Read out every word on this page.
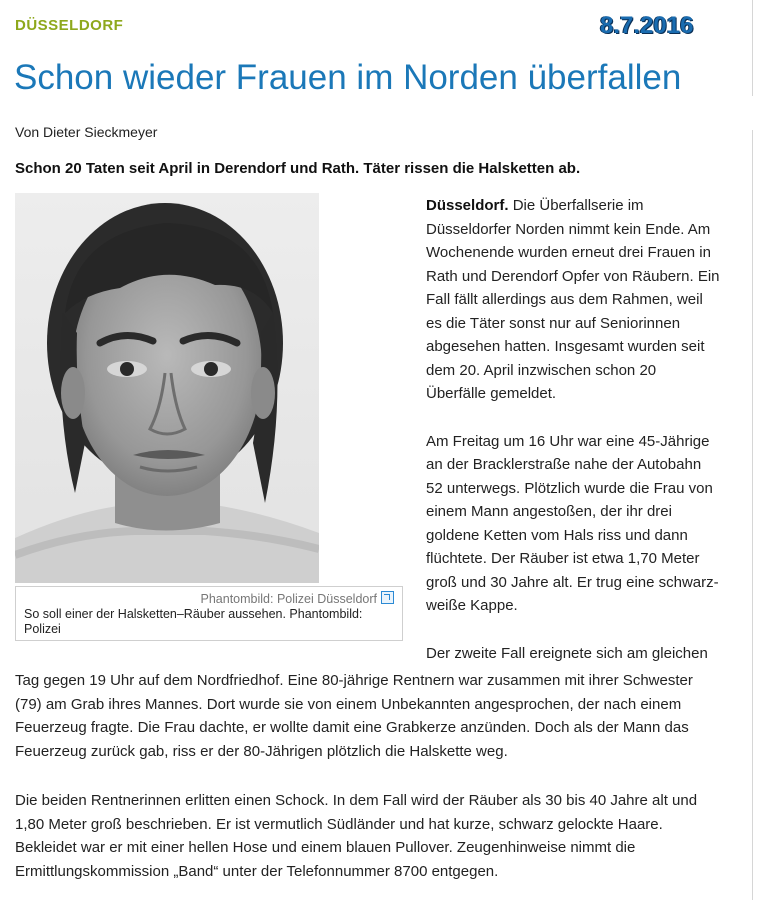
DÜSSELDORF	8.7.2016
Schon wieder Frauen im Norden überfallen
Von Dieter Sieckmeyer
Schon 20 Taten seit April in Derendorf und Rath. Täter rissen die Halsketten ab.
Phantombild: Polizei Düsseldorf
So soll einer der Halsketten–Räuber aussehen. Phantombild:
Polizei

Düsseldorf. Die Überfallserie im
Düsseldorfer Norden nimmt kein Ende. Am
Wochenende wurden erneut drei Frauen in
Rath und Derendorf Opfer von Räubern. Ein
Fall fällt allerdings aus dem Rahmen, weil
es die Täter sonst nur auf Seniorinnen
abgesehen hatten. Insgesamt wurden seit
dem 20. April inzwischen schon 20
Überfälle gemeldet.

Am Freitag um 16 Uhr war eine 45-Jährige
an der Bracklerstraße nahe der Autobahn
52 unterwegs. Plötzlich wurde die Frau von
einem Mann angestoßen, der ihr drei
goldene Ketten vom Hals riss und dann
flüchtete. Der Räuber ist etwa 1,70 Meter
groß und 30 Jahre alt. Er trug eine schwarz-
weiße Kappe.

Der zweite Fall ereignete sich am gleichen

Tag gegen 19 Uhr auf dem Nordfriedhof. Eine 80-jährige Rentnern war zusammen mit ihrer Schwester
(79) am Grab ihres Mannes. Dort wurde sie von einem Unbekannten angesprochen, der nach einem
Feuerzeug fragte. Die Frau dachte, er wollte damit eine Grabkerze anzünden. Doch als der Mann das
Feuerzeug zurück gab, riss er der 80-Jährigen plötzlich die Halskette weg.

Die beiden Rentnerinnen erlitten einen Schock. In dem Fall wird der Räuber als 30 bis 40 Jahre alt und
1,80 Meter groß beschrieben. Er ist vermutlich Südländer und hat kurze, schwarz gelockte Haare.
Bekleidet war er mit einer hellen Hose und einem blauen Pullover. Zeugenhinweise nimmt die
Ermittlungskommission „Band“ unter der Telefonnummer 8700 entgegen.
